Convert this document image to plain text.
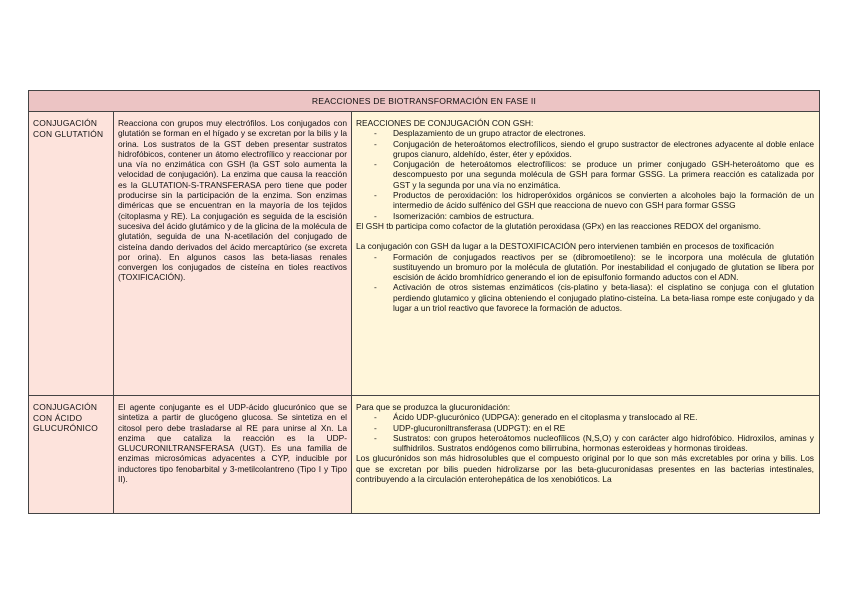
REACCIONES DE BIOTRANSFORMACIÓN EN FASE II
CONJUGACIÓN CON GLUTATIÓN
Reacciona con grupos muy electrófilos. Los conjugados con glutatión se forman en el hígado y se excretan por la bilis y la orina. Los sustratos de la GST deben presentar sustratos hidrofóbicos, contener un átomo electrofílico y reaccionar por una vía no enzimática con GSH (la GST solo aumenta la velocidad de conjugación). La enzima que causa la reacción es la GLUTATION-S-TRANSFERASA pero tiene que poder producirse sin la participación de la enzima. Son enzimas diméricas que se encuentran en la mayoría de los tejidos (citoplasma y RE). La conjugación es seguida de la escisión sucesiva del ácido glutámico y de la glicina de la molécula de glutatión, seguida de una N-acetilación del conjugado de cisteína dando derivados del ácido mercaptúrico (se excreta por orina). En algunos casos las beta-liasas renales convergen los conjugados de cisteína en tioles reactivos (TOXIFICACIÓN).

REACCIONES DE CONJUGACIÓN CON GSH:

- Desplazamiento de un grupo atractor de electrones.
- Conjugación de heteroátomos electrofílicos, siendo el grupo sustractor de electrones adyacente al doble enlace grupos cianuro, aldehído, éster, éter y epóxidos.
- Conjugación de heteroátomos electrofílicos: se produce un primer conjugado GSH-heteroátomo que es descompuesto por una segunda molécula de GSH para formar GSSG. La primera reacción es catalizada por GST y la segunda por una vía no enzimática.
- Productos de peroxidación: los hidroperóxidos orgánicos se convierten a alcoholes bajo la formación de un intermedio de ácido sulfénico del GSH que reacciona de nuevo con GSH para formar GSSG
- Isomerización: cambios de estructura.

El GSH tb participa como cofactor de la glutatión peroxidasa (GPx) en las reacciones REDOX del organismo.

La conjugación con GSH da lugar a la DESTOXIFICACIÓN pero intervienen también en procesos de toxificación

- Formación de conjugados reactivos per se (dibromoetileno): se le incorpora una molécula de glutatión sustituyendo un bromuro por la molécula de glutatión. Por inestabilidad el conjugado de glutation se libera por escisión de ácido bromhídrico generando el ion de episulfonio formando aductos con el ADN.
- Activación de otros sistemas enzimáticos (cis-platino y beta-liasa): el cisplatino se conjuga con el glutation perdiendo glutamico y glicina obteniendo el conjugado platino-cisteína. La beta-liasa rompe este conjugado y da lugar a un triol reactivo que favorece la formación de aductos.
CONJUGACIÓN CON ÁCIDO GLUCURÓNICO
El agente conjugante es el UDP-ácido glucurónico que se sintetiza a partir de glucógeno glucosa. Se sintetiza en el citosol pero debe trasladarse al RE para unirse al Xn. La enzima que cataliza la reacción es la UDP-GLUCURONILTRANSFERASA (UGT). Es una familia de enzimas microsómicas adyacentes a CYP, inducible por inductores tipo fenobarbital y 3-metilcolantreno (Tipo I y Tipo II).

Para que se produzca la glucuronidación:

- Ácido UDP-glucurónico (UDPGA): generado en el citoplasma y translocado al RE.
- UDP-glucuroniltransferasa (UDPGT): en el RE
- Sustratos: con grupos heteroátomos nucleofílicos (N,S,O) y con carácter algo hidrofóbico. Hidroxilos, aminas y sulfhidrilos. Sustratos endógenos como bilirrubina, hormonas esteroideas y hormonas tiroideas.

Los glucurónidos son más hidrosolubles que el compuesto original por lo que son más excretables por orina y bilis. Los que se excretan por bilis pueden hidrolizarse por las beta-glucuronidasas presentes en las bacterias intestinales, contribuyendo a la circulación enterohepática de los xenobióticos. La
